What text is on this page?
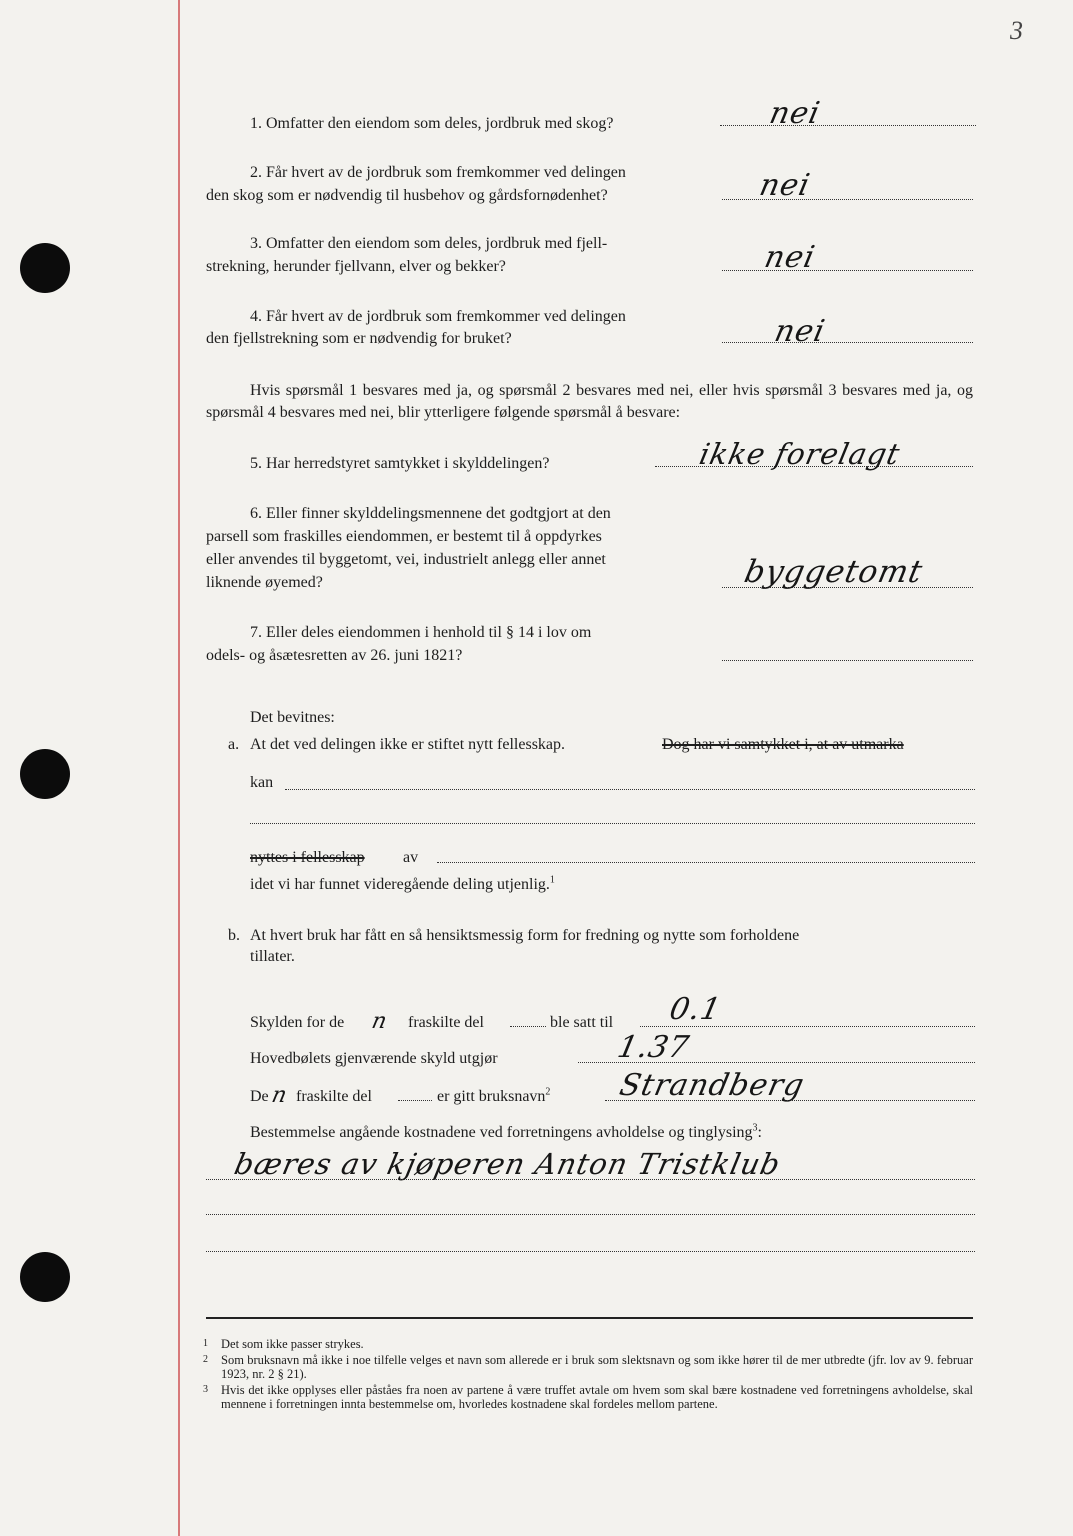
3
1. Omfatter den eiendom som deles, jordbruk med skog?	nei
2. Får hvert av de jordbruk som fremkommer ved delingen
den skog som er nødvendig til husbehov og gårdsfornødenhet?	nei
3. Omfatter den eiendom som deles, jordbruk med fjell-
strekning, herunder fjellvann, elver og bekker?	nei
4. Får hvert av de jordbruk som fremkommer ved delingen
den fjellstrekning som er nødvendig for bruket?	nei
Hvis spørsmål 1 besvares med ja, og spørsmål 2 besvares med nei, eller hvis spørsmål 3 besvares med ja, og spørsmål 4 besvares med nei, blir ytterligere følgende spørsmål å besvare:
5. Har herredstyret samtykket i skylddelingen?	ikke forelagt
6. Eller finner skylddelingsmennene det godtgjort at den
parsell som fraskilles eiendommen, er bestemt til å oppdyrkes
eller anvendes til byggetomt, vei, industrielt anlegg eller annet
liknende øyemed?	byggetomt
7. Eller deles eiendommen i henhold til § 14 i lov om
odels- og åsætesretten av 26. juni 1821?
Det bevitnes:
a. At det ved delingen ikke er stiftet nytt fellesskap.	Dog har vi samtykket i, at av utmarka
kan
nyttes i fellesskap av
idet vi har funnet videregående deling utjenlig.$^1$
b. At hvert bruk har fått en så hensiktsmessig form for fredning og nytte som forholdene
tillater.
Skylden for de n fraskilte del	ble satt til 0.1
Hovedbølets gjenværende skyld utgjør	1.37
De n fraskilte del	er gitt bruksnavn$^2$ Strandberg
Bestemmelse angående kostnadene ved forretningens avholdelse og tinglysing$^3$:
bæres av kjøperen Anton Tristklub
1 Det som ikke passer strykes.
2 Som bruksnavn må ikke i noe tilfelle velges et navn som allerede er i bruk som slektsnavn og som ikke hører til de mer utbredte (jfr. lov av 9. februar 1923, nr. 2 § 21).
3 Hvis det ikke opplyses eller påståes fra noen av partene å være truffet avtale om hvem som skal bære kostnadene ved forretningens avholdelse, skal mennene i forretningen innta bestemmelse om, hvorledes kostnadene skal fordeles mellom partene.
